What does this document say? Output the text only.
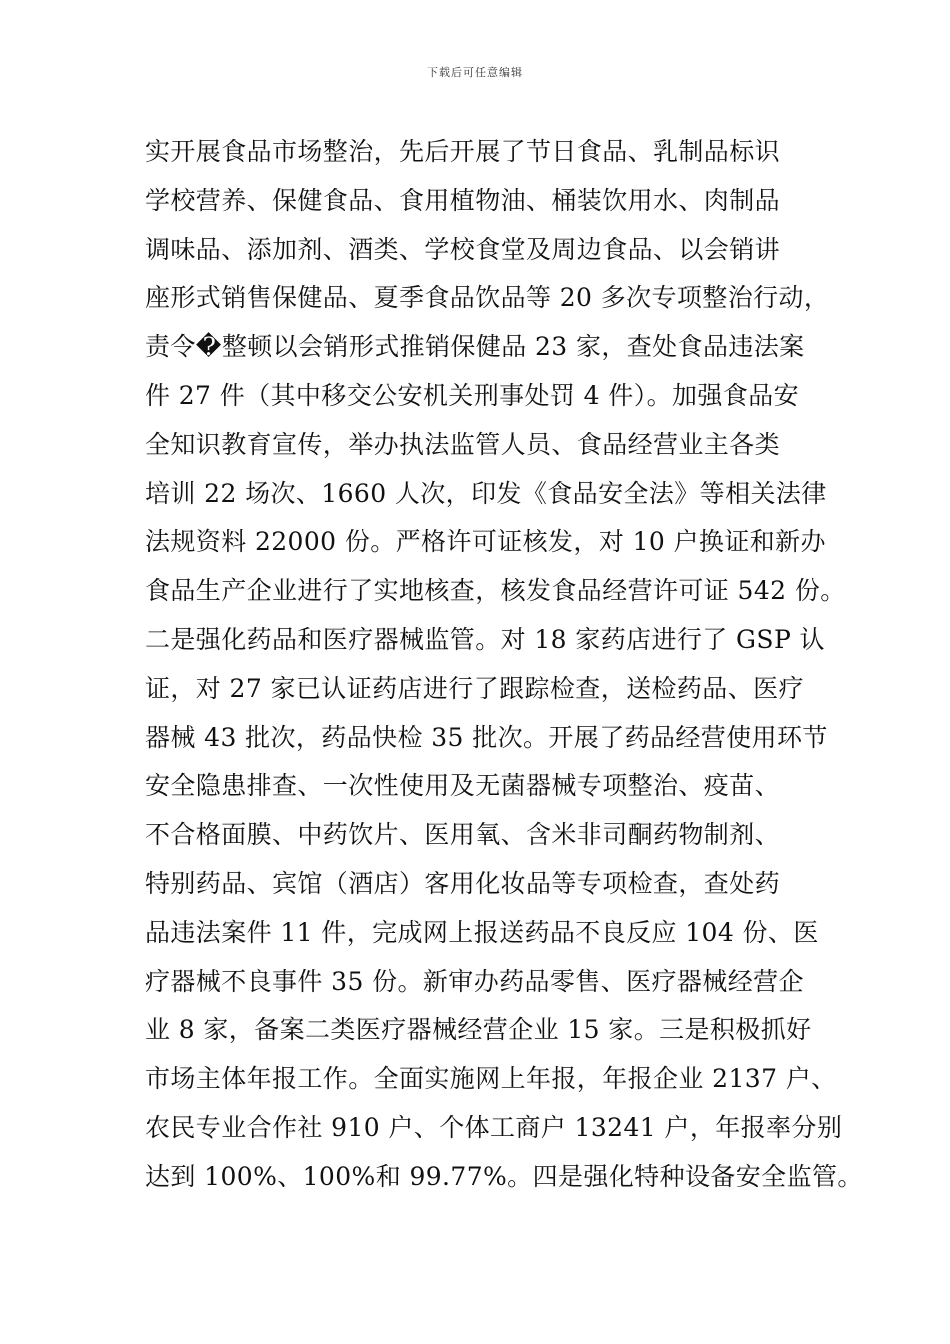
下载后可任意编辑
实开展食品市场整治，先后开展了节日食品、乳制品标识
学校营养、保健食品、食用植物油、桶装饮用水、肉制品
调味品、添加剂、酒类、学校食堂及周边食品、以会销讲
座形式销售保健品、夏季食品饮品等 20 多次专项整治行动，
责令�整顿以会销形式推销保健品 23 家，查处食品违法案
件 27 件（其中移交公安机关刑事处罚 4 件）。加强食品安
全知识教育宣传，举办执法监管人员、食品经营业主各类
培训 22 场次、1660 人次，印发《食品安全法》等相关法律
法规资料 22000 份。严格许可证核发，对 10 户换证和新办
食品生产企业进行了实地核查，核发食品经营许可证 542 份。
二是强化药品和医疗器械监管。对 18 家药店进行了 GSP 认
证，对 27 家已认证药店进行了跟踪检查，送检药品、医疗
器械 43 批次，药品快检 35 批次。开展了药品经营使用环节
安全隐患排查、一次性使用及无菌器械专项整治、疫苗、
不合格面膜、中药饮片、医用氧、含米非司酮药物制剂、
特别药品、宾馆（酒店）客用化妆品等专项检查，查处药
品违法案件 11 件，完成网上报送药品不良反应 104 份、医
疗器械不良事件 35 份。新审办药品零售、医疗器械经营企
业 8 家，备案二类医疗器械经营企业 15 家。三是积极抓好
市场主体年报工作。全面实施网上年报，年报企业 2137 户、
农民专业合作社 910 户、个体工商户 13241 户，年报率分别
达到 100%、100%和 99.77%。四是强化特种设备安全监管。
